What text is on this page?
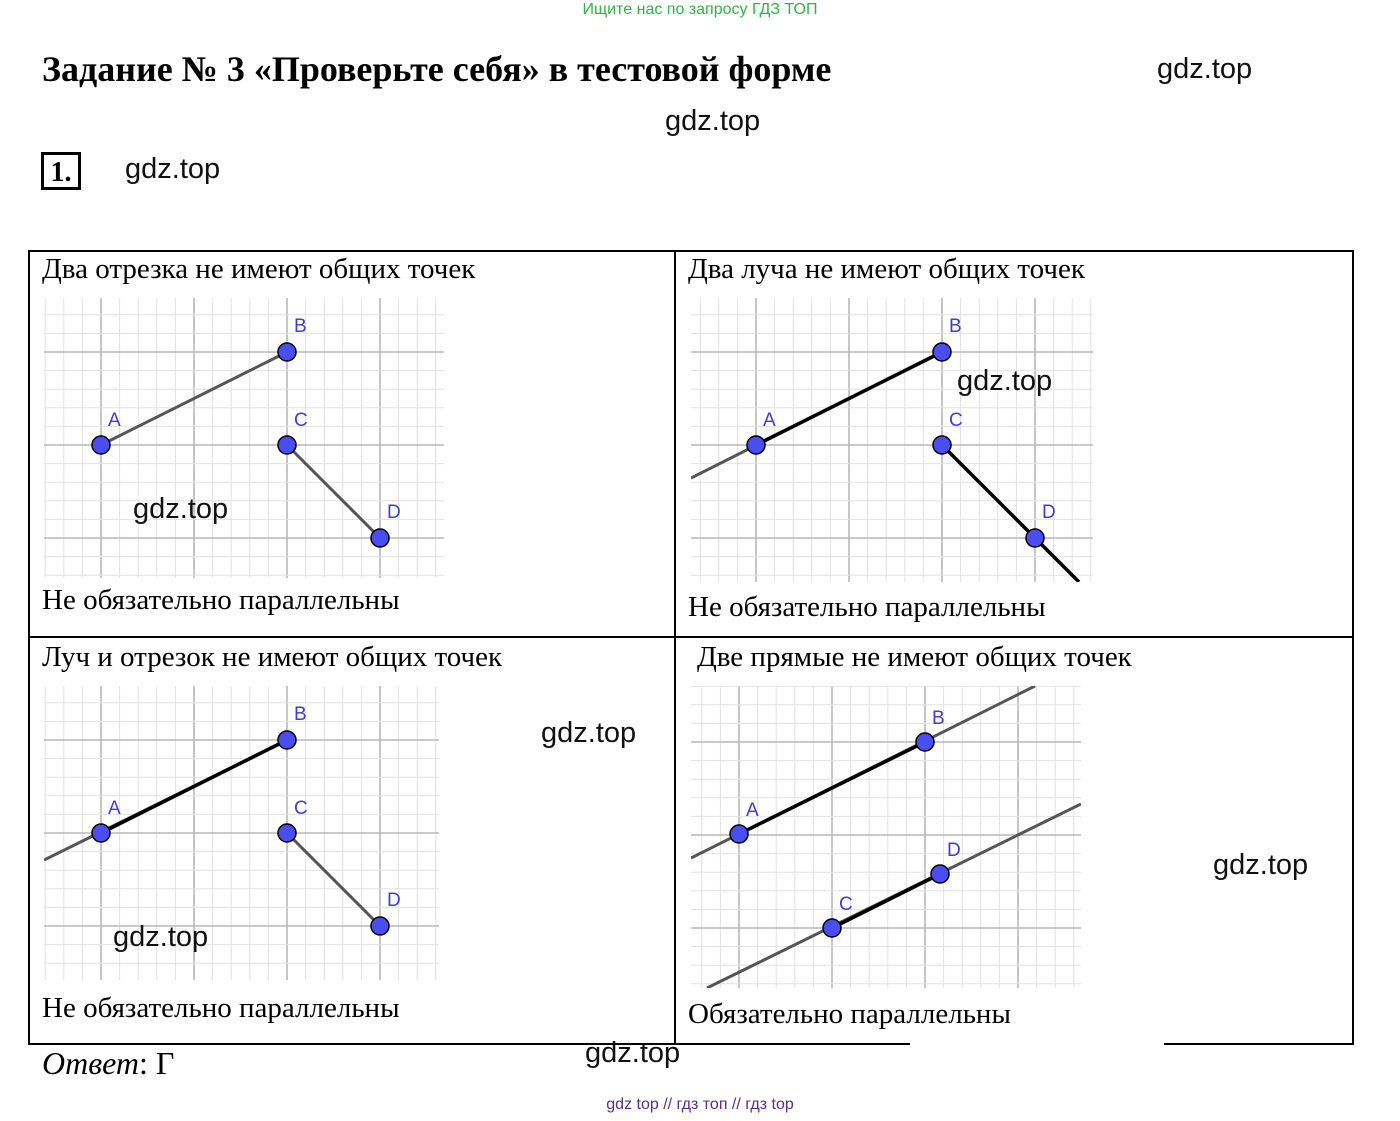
Ищите нас по запросу ГДЗ ТОП
Задание № 3 «Проверьте себя» в тестовой форме	gdz.top
gdz.top
1.	gdz.top
Два отрезка не имеют общих точек
A
B
C
D
gdz.top
Не обязательно параллельны
Два луча не имеют общих точек
A
B
C
D
gdz.top
Не обязательно параллельны
Луч и отрезок не имеют общих точек
A
B
C
D
gdz.top
gdz.top
Не обязательно параллельны
Две прямые не имеют общих точек
A
B
C
D	gdz.top
Обязательно параллельны
Ответ: Г	gdz.top
gdz top // гдз топ // гдз top
